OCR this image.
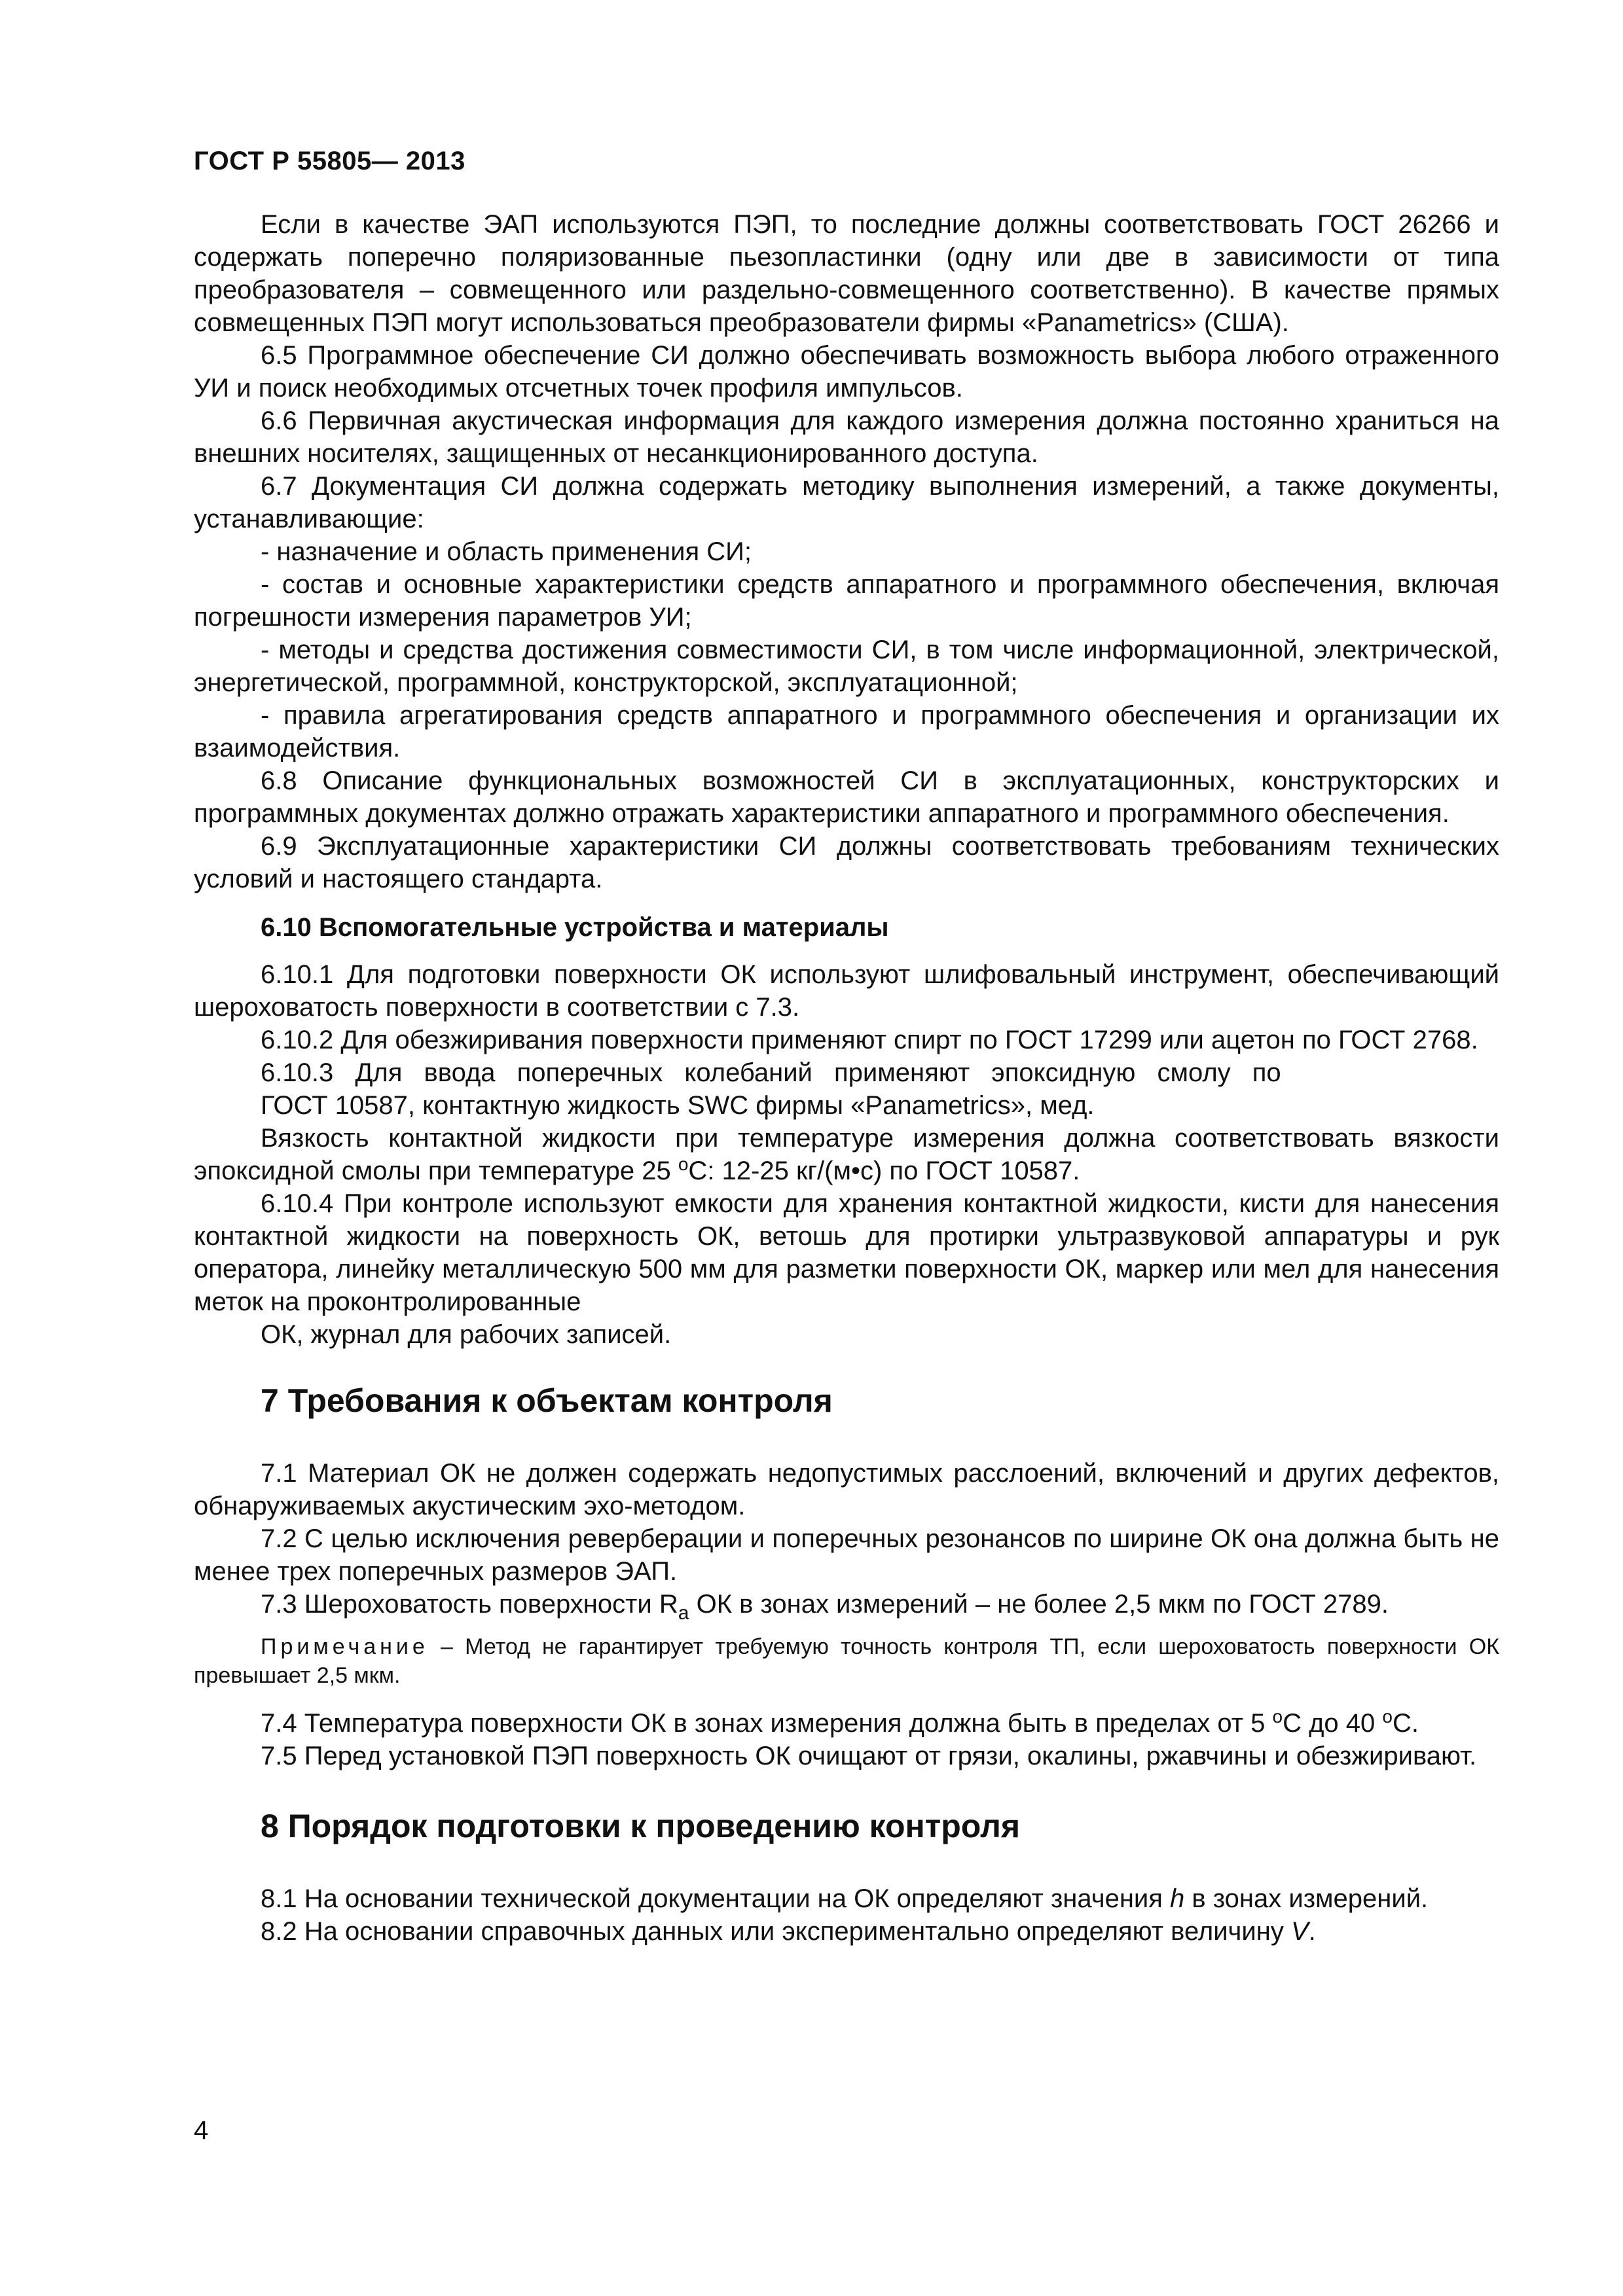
ГОСТ Р 55805— 2013

Если в качестве ЭАП используются ПЭП, то последние должны соответствовать ГОСТ 26266 и содержать поперечно поляризованные пьезопластинки (одну или две в зависимости от типа преобразователя – совмещенного или раздельно-совмещенного соответственно). В качестве прямых совмещенных ПЭП могут использоваться преобразователи фирмы «Panametrics» (США).

6.5 Программное обеспечение СИ должно обеспечивать возможность выбора любого отраженного УИ и поиск необходимых отсчетных точек профиля импульсов.

6.6 Первичная акустическая информация для каждого измерения должна постоянно храниться на внешних носителях, защищенных от несанкционированного доступа.

6.7 Документация СИ должна содержать методику выполнения измерений, а также документы, устанавливающие:

- назначение и область применения СИ;

- состав и основные характеристики средств аппаратного и программного обеспечения, включая погрешности измерения параметров УИ;

- методы и средства достижения совместимости СИ, в том числе информационной, электрической, энергетической, программной, конструкторской, эксплуатационной;

- правила агрегатирования средств аппаратного и программного обеспечения и организации их взаимодействия.

6.8 Описание функциональных возможностей СИ в эксплуатационных, конструкторских и программных документах должно отражать характеристики аппаратного и программного обеспечения.

6.9 Эксплуатационные характеристики СИ должны соответствовать требованиям технических условий и настоящего стандарта.

6.10 Вспомогательные устройства и материалы

6.10.1 Для подготовки поверхности ОК используют шлифовальный инструмент, обеспечивающий шероховатость поверхности в соответствии с 7.3.

6.10.2 Для обезжиривания поверхности применяют спирт по ГОСТ 17299 или ацетон по ГОСТ 2768.

6.10.3 Для ввода поперечных колебаний применяют эпоксидную смолу по

ГОСТ 10587, контактную жидкость SWC фирмы «Panametrics», мед.

Вязкость контактной жидкости при температуре измерения должна соответствовать вязкости эпоксидной смолы при температуре 25 $^о$С: 12-25 кг/(м•с) по ГОСТ 10587.

6.10.4 При контроле используют емкости для хранения контактной жидкости, кисти для нанесения контактной жидкости на поверхность ОК, ветошь для протирки ультразвуковой аппаратуры и рук оператора, линейку металлическую 500 мм для разметки поверхности ОК, маркер или мел для нанесения меток на проконтролированные

ОК, журнал для рабочих записей.

7 Требования к объектам контроля

7.1 Материал ОК не должен содержать недопустимых расслоений, включений и других дефектов, обнаруживаемых акустическим эхо-методом.

7.2 С целью исключения реверберации и поперечных резонансов по ширине ОК она должна быть не менее трех поперечных размеров ЭАП.

7.3 Шероховатость поверхности $R_a$ ОК в зонах измерений – не более 2,5 мкм по ГОСТ 2789.

Примечание – Метод не гарантирует требуемую точность контроля ТП, если шероховатость поверхности ОК превышает 2,5 мкм.

7.4 Температура поверхности ОК в зонах измерения должна быть в пределах от 5 $^о$С до 40 $^о$С.

7.5 Перед установкой ПЭП поверхность ОК очищают от грязи, окалины, ржавчины и обезжиривают.

8 Порядок подготовки к проведению контроля

8.1 На основании технической документации на ОК определяют значения h в зонах измерений.

8.2 На основании справочных данных или экспериментально определяют величину V.

4
